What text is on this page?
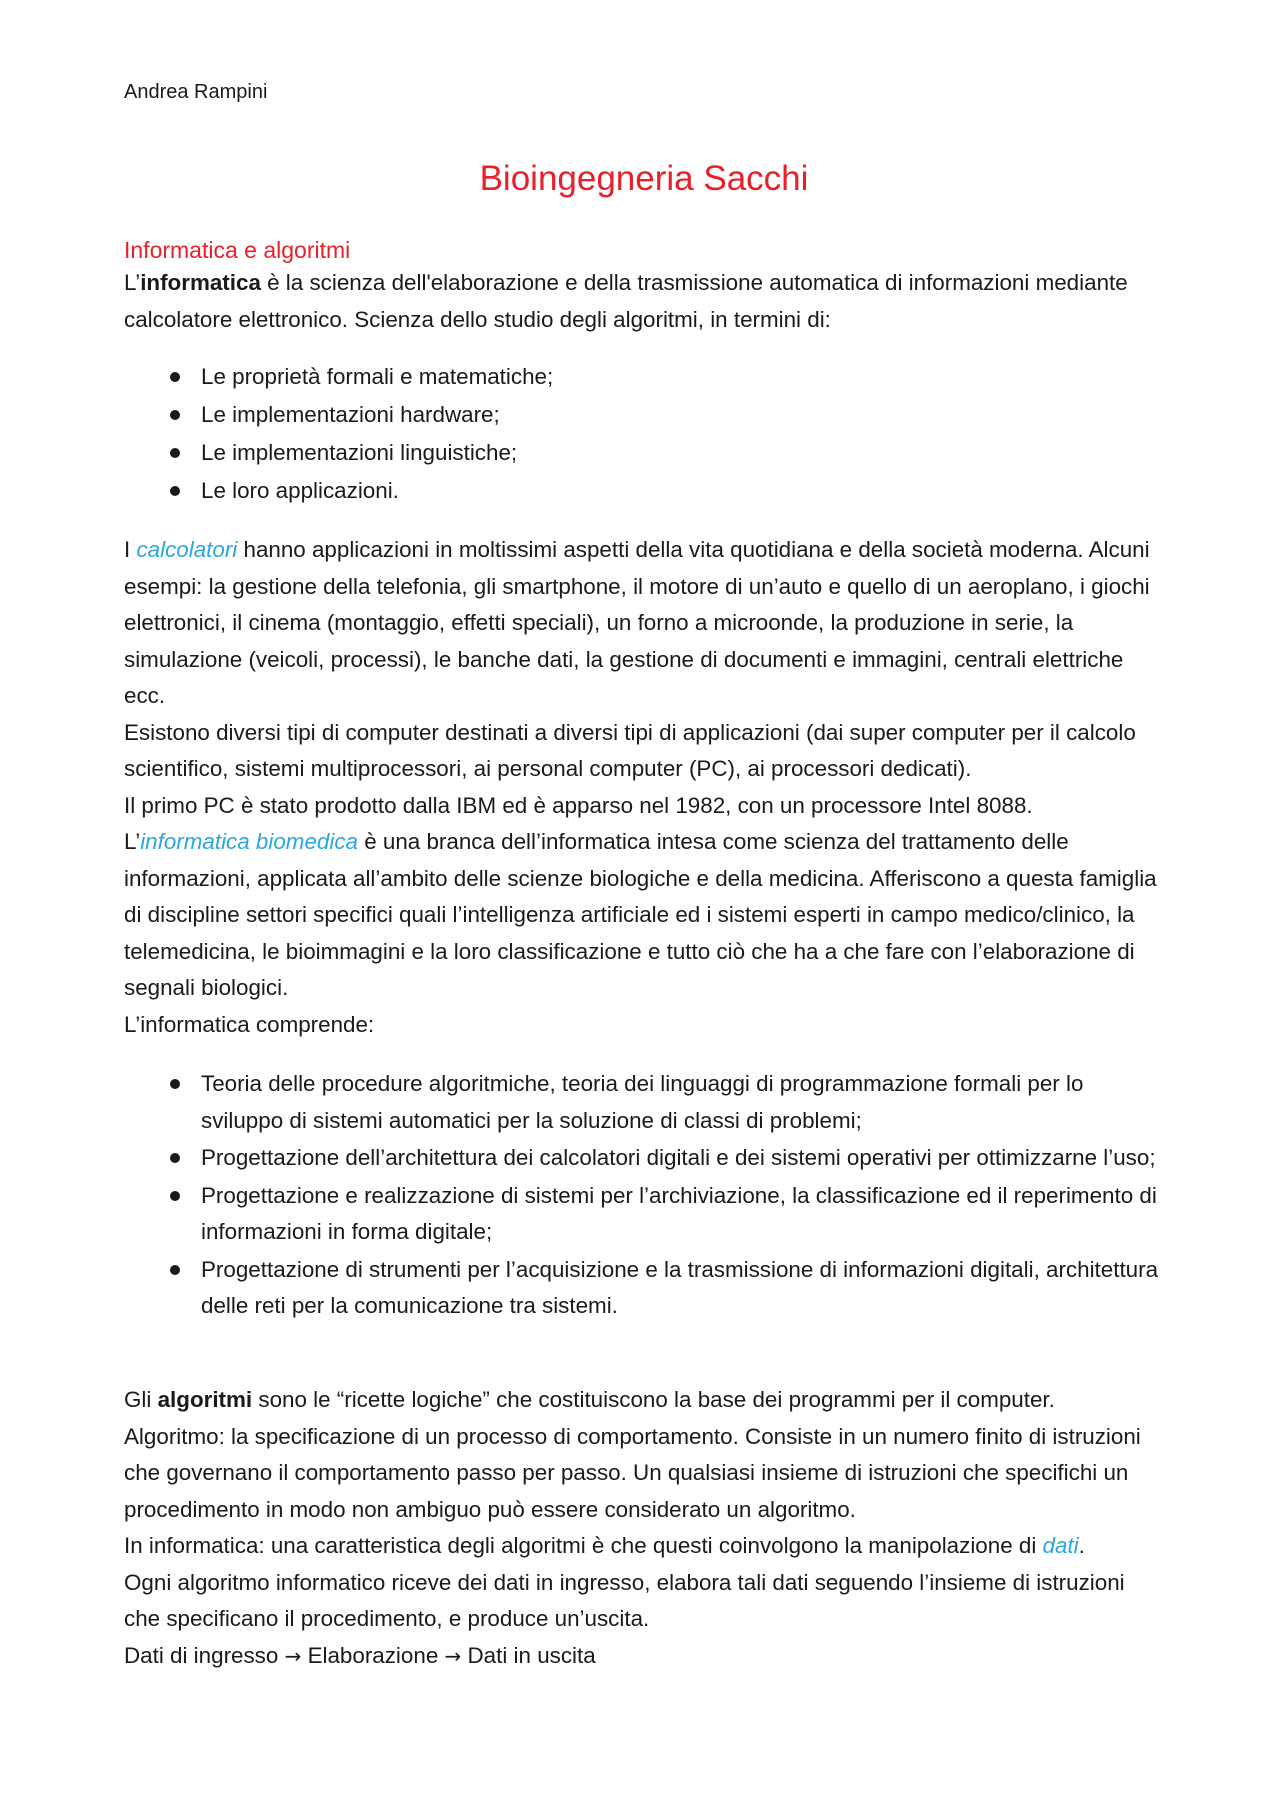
Andrea Rampini
Bioingegneria Sacchi
Informatica e algoritmi

L’informatica è la scienza dell'elaborazione e della trasmissione automatica di informazioni mediante calcolatore elettronico. Scienza dello studio degli algoritmi, in termini di:

Le proprietà formali e matematiche;
Le implementazioni hardware;
Le implementazioni linguistiche;
Le loro applicazioni.

I calcolatori hanno applicazioni in moltissimi aspetti della vita quotidiana e della società moderna. Alcuni esempi: la gestione della telefonia, gli smartphone, il motore di un’auto e quello di un aeroplano, i giochi elettronici, il cinema (montaggio, effetti speciali), un forno a microonde, la produzione in serie, la simulazione (veicoli, processi), le banche dati, la gestione di documenti e immagini, centrali elettriche ecc.

Esistono diversi tipi di computer destinati a diversi tipi di applicazioni (dai super computer per il calcolo scientifico, sistemi multiprocessori, ai personal computer (PC), ai processori dedicati).

Il primo PC è stato prodotto dalla IBM ed è apparso nel 1982, con un processore Intel 8088.

L’informatica biomedica è una branca dell’informatica intesa come scienza del trattamento delle informazioni, applicata all’ambito delle scienze biologiche e della medicina. Afferiscono a questa famiglia di discipline settori specifici quali l’intelligenza artificiale ed i sistemi esperti in campo medico/clinico, la telemedicina, le bioimmagini e la loro classificazione e tutto ciò che ha a che fare con l’elaborazione di segnali biologici.

L’informatica comprende:

Teoria delle procedure algoritmiche, teoria dei linguaggi di programmazione formali per lo sviluppo di sistemi automatici per la soluzione di classi di problemi;
Progettazione dell’architettura dei calcolatori digitali e dei sistemi operativi per ottimizzarne l’uso;
Progettazione e realizzazione di sistemi per l’archiviazione, la classificazione ed il reperimento di informazioni in forma digitale;
Progettazione di strumenti per l’acquisizione e la trasmissione di informazioni digitali, architettura delle reti per la comunicazione tra sistemi.

Gli algoritmi sono le “ricette logiche” che costituiscono la base dei programmi per il computer.

Algoritmo: la specificazione di un processo di comportamento. Consiste in un numero finito di istruzioni che governano il comportamento passo per passo. Un qualsiasi insieme di istruzioni che specifichi un procedimento in modo non ambiguo può essere considerato un algoritmo.

In informatica: una caratteristica degli algoritmi è che questi coinvolgono la manipolazione di dati.

Ogni algoritmo informatico riceve dei dati in ingresso, elabora tali dati seguendo l’insieme di istruzioni che specificano il procedimento, e produce un’uscita.

Dati di ingresso → Elaborazione → Dati in uscita
